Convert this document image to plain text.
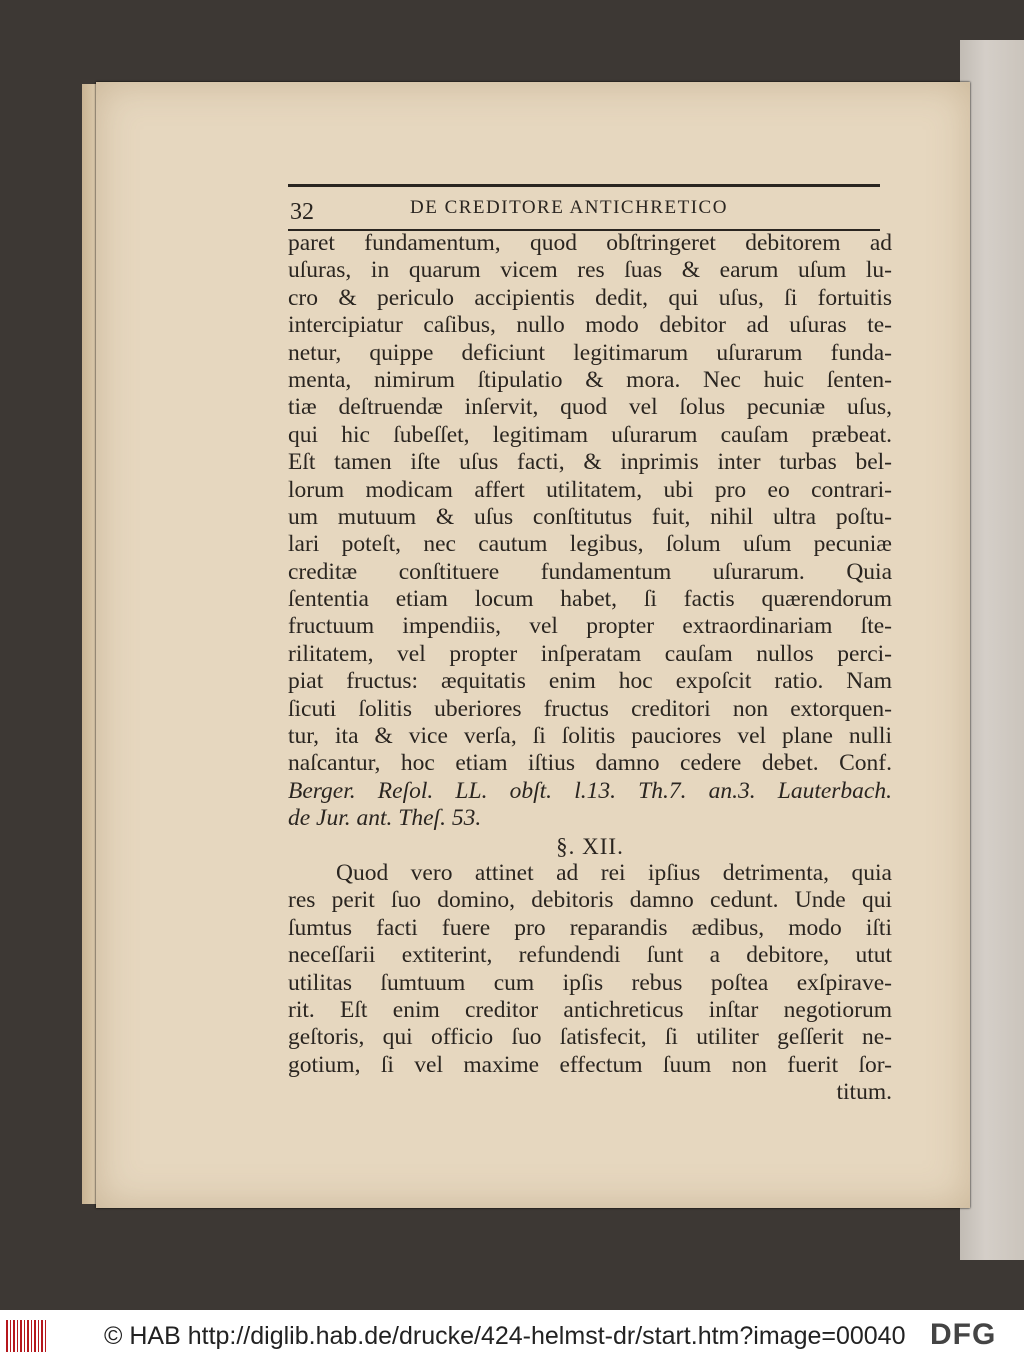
32	DE CREDITORE ANTICHRETICO
paret fundamentum, quod obſtringeret debitorem ad
uſuras, in quarum vicem res ſuas & earum uſum lu-
cro & periculo accipientis dedit, qui uſus, ſi fortuitis
intercipiatur caſibus, nullo modo debitor ad uſuras te-
netur, quippe deficiunt legitimarum uſurarum funda-
menta, nimirum ſtipulatio & mora. Nec huic ſenten-
tiæ deſtruendæ inſervit, quod vel ſolus pecuniæ uſus,
qui hic ſubeſſet, legitimam uſurarum cauſam præbeat.
Eſt tamen iſte uſus facti, & inprimis inter turbas bel-
lorum modicam affert utilitatem, ubi pro eo contrari-
um mutuum & uſus conſtitutus fuit, nihil ultra poſtu-
lari poteſt, nec cautum legibus, ſolum uſum pecuniæ
creditæ conſtituere fundamentum uſurarum. Quia
ſententia etiam locum habet, ſi factis quærendorum
fructuum impendiis, vel propter extraordinariam ſte-
rilitatem, vel propter inſperatam cauſam nullos perci-
piat fructus: æquitatis enim hoc expoſcit ratio. Nam
ſicuti ſolitis uberiores fructus creditori non extorquen-
tur, ita & vice verſa, ſi ſolitis pauciores vel plane nulli
naſcantur, hoc etiam iſtius damno cedere debet. Conf.
Berger. Reſol. LL. obſt. l.13. Th.7. an.3. Lauterbach.
de Jur. ant. Theſ. 53.
§. XII.
Quod vero attinet ad rei ipſius detrimenta, quia
res perit ſuo domino, debitoris damno cedunt. Unde qui
ſumtus facti fuere pro reparandis ædibus, modo iſti
neceſſarii extiterint, refundendi ſunt a debitore, utut
utilitas ſumtuum cum ipſis rebus poſtea exſpirave-
rit. Eſt enim creditor antichreticus inſtar negotiorum
geſtoris, qui officio ſuo ſatisfecit, ſi utiliter geſſerit ne-
gotium, ſi vel maxime effectum ſuum non fuerit ſor-
titum.
© HAB http://diglib.hab.de/drucke/424-helmst-dr/start.htm?image=00040 DFG
